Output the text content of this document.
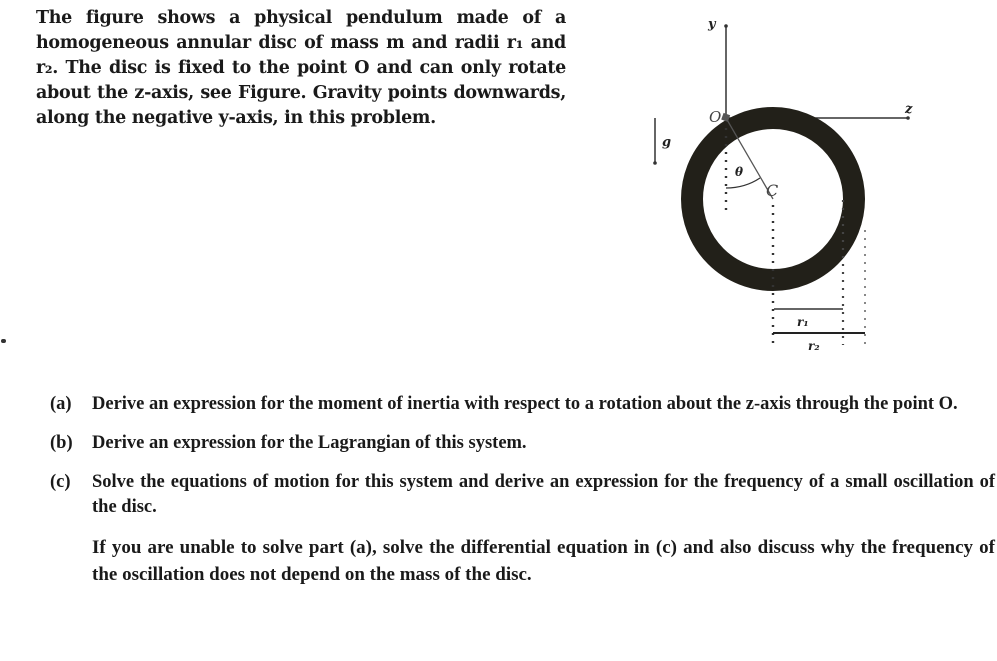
The figure shows a physical pendulum made of a homogeneous annular disc of mass m and radii r₁ and r₂. The disc is fixed to the point O and can only rotate about the z-axis, see Figure. Gravity points downwards, along the negative y-axis, in this problem.

y
z
O
C
θ
g
r₁
r₂
(a)	Derive an expression for the moment of inertia with respect to a rotation about the z-axis through the point O.
(b)	Derive an expression for the Lagrangian of this system.
(c)	Solve the equations of motion for this system and derive an expression for the frequency of a small oscillation of the disc.
If you are unable to solve part (a), solve the differential equation in (c) and also discuss why the frequency of the oscillation does not depend on the mass of the disc.
